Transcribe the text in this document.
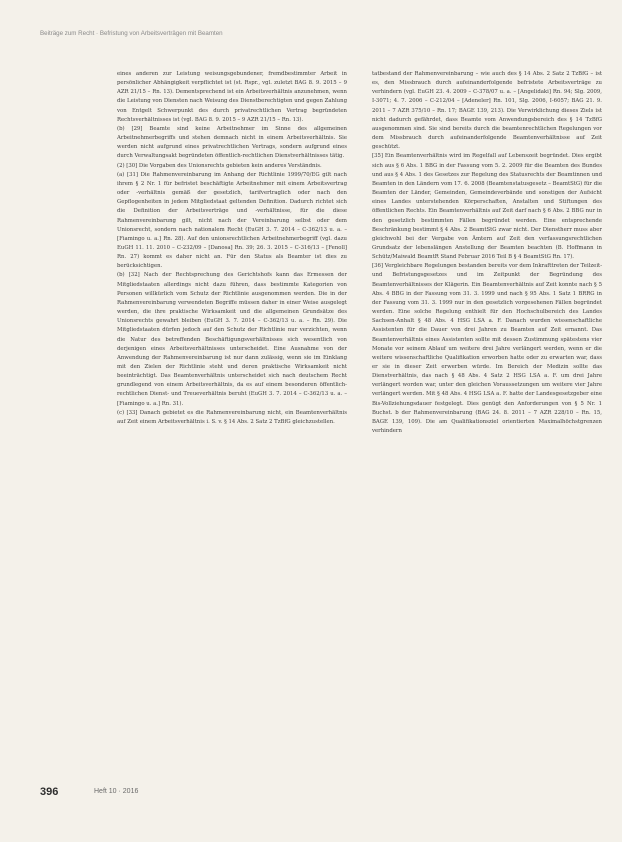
Beiträge zum Recht · Befristung von Arbeitsverträgen mit Beamten

eines anderen zur Leistung weisungsgebundener, fremdbestimmter Arbeit in persönlicher Abhängigkeit verpflichtet ist (st. Rspr., vgl. zuletzt BAG 8. 9. 2015 – 9 AZR 21/15 – Rn. 13). Dementsprechend ist ein Arbeitsverhältnis anzunehmen, wenn die Leistung von Diensten nach Weisung des Dienstberechtigten und gegen Zahlung von Entgelt Schwerpunkt des durch privatrechtlichen Vertrag begründeten Rechtsverhältnisses ist (vgl. BAG 8. 9. 2015 – 9 AZR 21/15 – Rn. 13).

(b) [29] Beamte sind keine Arbeitnehmer im Sinne des allgemeinen Arbeitnehmerbegriffs und stehen demnach nicht in einem Arbeitsverhältnis. Sie werden nicht aufgrund eines privatrechtlichen Vertrags, sondern aufgrund eines durch Verwaltungsakt begründeten öffentlich-rechtlichen Dienstverhältnisses tätig.

(2) [30] Die Vorgaben des Unionsrechts gebieten kein anderes Verständnis.

(a) [31] Die Rahmenvereinbarung im Anhang der Richtlinie 1999/70/EG gilt nach ihrem § 2 Nr. 1 für befristet beschäftigte Arbeitnehmer mit einem Arbeitsvertrag oder -verhältnis gemäß der gesetzlich, tarifvertraglich oder nach den Gepflogenheiten in jedem Mitgliedstaat geltenden Definition. Dadurch richtet sich die Definition der Arbeitsverträge und -verhältnisse, für die diese Rahmenvereinbarung gilt, nicht nach der Vereinbarung selbst oder dem Unionsrecht, sondern nach nationalem Recht (EuGH 3. 7. 2014 – C-362/13 u. a. – [Fiamingo u. a.] Rn. 28). Auf den unionsrechtlichen Arbeitnehmerbegriff (vgl. dazu EuGH 11. 11. 2010 – C-232/09 – [Danosa] Rn. 39; 26. 3. 2015 – C-316/13 – [Fenoll] Rn. 27) kommt es daher nicht an. Für den Status als Beamter ist dies zu berücksichtigen.

(b) [32] Nach der Rechtsprechung des Gerichtshofs kann das Ermessen der Mitgliedstaaten allerdings nicht dazu führen, dass bestimmte Kategorien von Personen willkürlich vom Schutz der Richtlinie ausgenommen werden. Die in der Rahmenvereinbarung verwendeten Begriffe müssen daher in einer Weise ausgelegt werden, die ihre praktische Wirksamkeit und die allgemeinen Grundsätze des Unionsrechts gewahrt bleiben (EuGH 3. 7. 2014 – C-362/13 u. a. – Rn. 29). Die Mitgliedstaaten dürfen jedoch auf den Schutz der Richtlinie nur verzichten, wenn die Natur des betreffenden Beschäftigungsverhältnisses sich wesentlich von derjenigen eines Arbeitsverhältnisses unterscheidet. Eine Ausnahme von der Anwendung der Rahmenvereinbarung ist nur dann zulässig, wenn sie im Einklang mit den Zielen der Richtlinie steht und deren praktische Wirksamkeit nicht beeinträchtigt. Das Beamtenverhältnis unterscheidet sich nach deutschem Recht grundlegend von einem Arbeitsverhältnis, da es auf einem besonderen öffentlich-rechtlichen Dienst- und Treueverhältnis beruht (EuGH 3. 7. 2014 – C-362/13 u. a. – [Fiamingo u. a.] Rn. 31).

(c) [33] Danach gebietet es die Rahmenvereinbarung nicht, ein Beamtenverhältnis auf Zeit einem Arbeitsverhältnis i. S. v. § 14 Abs. 2 Satz 2 TzBfG gleichzustellen.

tatbestand der Rahmenvereinbarung – wie auch des § 14 Abs. 2 Satz 2 TzBfG – ist es, den Missbrauch durch aufeinanderfolgende befristete Arbeitsverträge zu verhindern (vgl. EuGH 23. 4. 2009 – C-378/07 u. a. – [Angelidaki] Rn. 94; Slg. 2009, I-3071; 4. 7. 2006 – C-212/04 – [Adeneler] Rn. 101, Slg. 2006, I-6057; BAG 21. 9. 2011 – 7 AZR 375/10 – Rn. 17; BAGE 139, 213). Die Verwirklichung dieses Ziels ist nicht dadurch gefährdet, dass Beamte vom Anwendungsbereich des § 14 TzBfG ausgenommen sind. Sie sind bereits durch die beamtenrechtlichen Regelungen vor dem Missbrauch durch aufeinanderfolgende Beamtenverhältnisse auf Zeit geschützt.

[35] Ein Beamtenverhältnis wird im Regelfall auf Lebenszeit begründet. Dies ergibt sich aus § 6 Abs. 1 BBG in der Fassung vom 5. 2. 2009 für die Beamten des Bundes und aus § 4 Abs. 1 des Gesetzes zur Regelung des Statusrechts der Beamtinnen und Beamten in den Ländern vom 17. 6. 2008 (Beamtenstatusgesetz – BeamtStG) für die Beamten der Länder, Gemeinden, Gemeindeverbände und sonstigen der Aufsicht eines Landes unterstehenden Körperschaften, Anstalten und Stiftungen des öffentlichen Rechts. Ein Beamtenverhältnis auf Zeit darf nach § 6 Abs. 2 BBG nur in den gesetzlich bestimmten Fällen begründet werden. Eine entsprechende Beschränkung bestimmt § 4 Abs. 2 BeamtStG zwar nicht. Der Dienstherr muss aber gleichwohl bei der Vergabe von Ämtern auf Zeit den verfassungsrechtlichen Grundsatz der lebenslängen Anstellung der Beamten beachten (B. Hoffmann in Schütz/Maiwald BeamtR Stand Februar 2016 Teil B § 4 BeamtStG Rn. 17).

[36] Vergleichbare Regelungen bestanden bereits vor dem Inkrafttreten der Teilzeit- und Befristungsgesetzes und im Zeitpunkt der Begründung des Beamtenverhältnisses der Klägerin. Ein Beamtenverhältnis auf Zeit konnte nach § 5 Abs. 4 BBG in der Fassung vom 31. 3. 1999 und nach § 95 Abs. 1 Satz 1 BRRG in der Fassung vom 31. 3. 1999 nur in den gesetzlich vorgesehenen Fällen begründet werden. Eine solche Regelung enthielt für den Hochschulbereich des Landes Sachsen-Anhalt § 48 Abs. 4 HSG LSA a. F. Danach wurden wissenschaftliche Assistenten für die Dauer von drei Jahren zu Beamten auf Zeit ernannt. Das Beamtenverhältnis eines Assistenten sollte mit dessen Zustimmung spätestens vier Monate vor seinem Ablauf um weitere drei Jahre verlängert werden, wenn er die weitere wissenschaftliche Qualifikation erworben hatte oder zu erwarten war, dass er sie in dieser Zeit erwerben würde. Im Bereich der Medizin sollte das Dienstverhältnis, das nach § 48 Abs. 4 Satz 2 HSG LSA a. F. um drei Jahre verlängert worden war, unter den gleichen Voraussetzungen um weitere vier Jahre verlängert werden. Mit § 48 Abs. 4 HSG LSA a. F. hatte der Landesgesetzgeber eine Bis-Vollziehungsdauer festgelegt. Dies genügt den Anforderungen von § 5 Nr. 1 Buchst. b der Rahmenvereinbarung (BAG 24. 8. 2011 – 7 AZR 228/10 – Rn. 15, BAGE 139, 109). Die am Qualifikationsziel orientierten Maximalhöchstgrenzen verhindern

396	Heft 10 · 2016
